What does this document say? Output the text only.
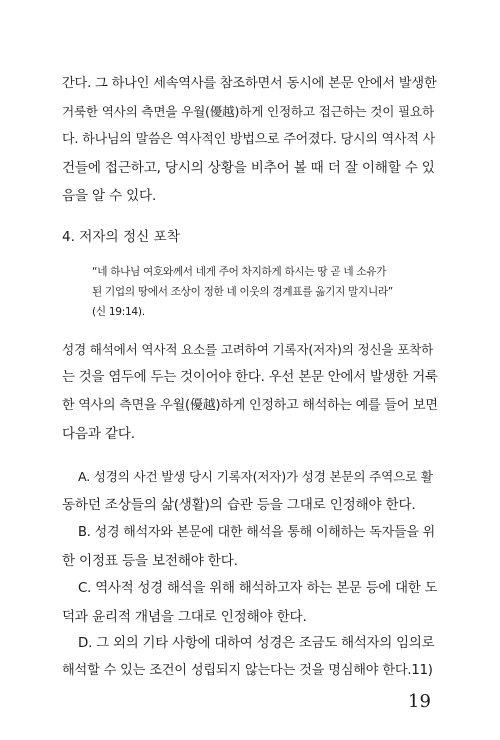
간다. 그 하나인 세속역사를 참조하면서 동시에 본문 안에서 발생한
거룩한 역사의 측면을 우월(優越)하게 인정하고 접근하는 것이 필요하
다. 하나님의 말씀은 역사적인 방법으로 주어졌다. 당시의 역사적 사
건들에 접근하고, 당시의 상황을 비추어 볼 때 더 잘 이해할 수 있
음을 알 수 있다.
4. 저자의 정신 포착
“네 하나님 여호와께서 네게 주어 차지하게 하시는 땅 곧 네 소유가
된 기업의 땅에서 조상이 정한 네 이웃의 경계표를 옮기지 말지니라”
(신 19:14).
성경 해석에서 역사적 요소를 고려하여 기록자(저자)의 정신을 포착하
는 것을 염두에 두는 것이어야 한다. 우선 본문 안에서 발생한 거룩
한 역사의 측면을 우월(優越)하게 인정하고 해석하는 예를 들어 보면
다음과 같다.
A. 성경의 사건 발생 당시 기록자(저자)가 성경 본문의 주역으로 활
동하던 조상들의 삶(생활)의 습관 등을 그대로 인정해야 한다.
B. 성경 해석자와 본문에 대한 해석을 통해 이해하는 독자들을 위
한 이정표 등을 보전해야 한다.
C. 역사적 성경 해석을 위해 해석하고자 하는 본문 등에 대한 도
덕과 윤리적 개념을 그대로 인정해야 한다.
D. 그 외의 기타 사항에 대하여 성경은 조금도 해석자의 임의로
해석할 수 있는 조건이 성립되지 않는다는 것을 명심해야 한다.11)
19
